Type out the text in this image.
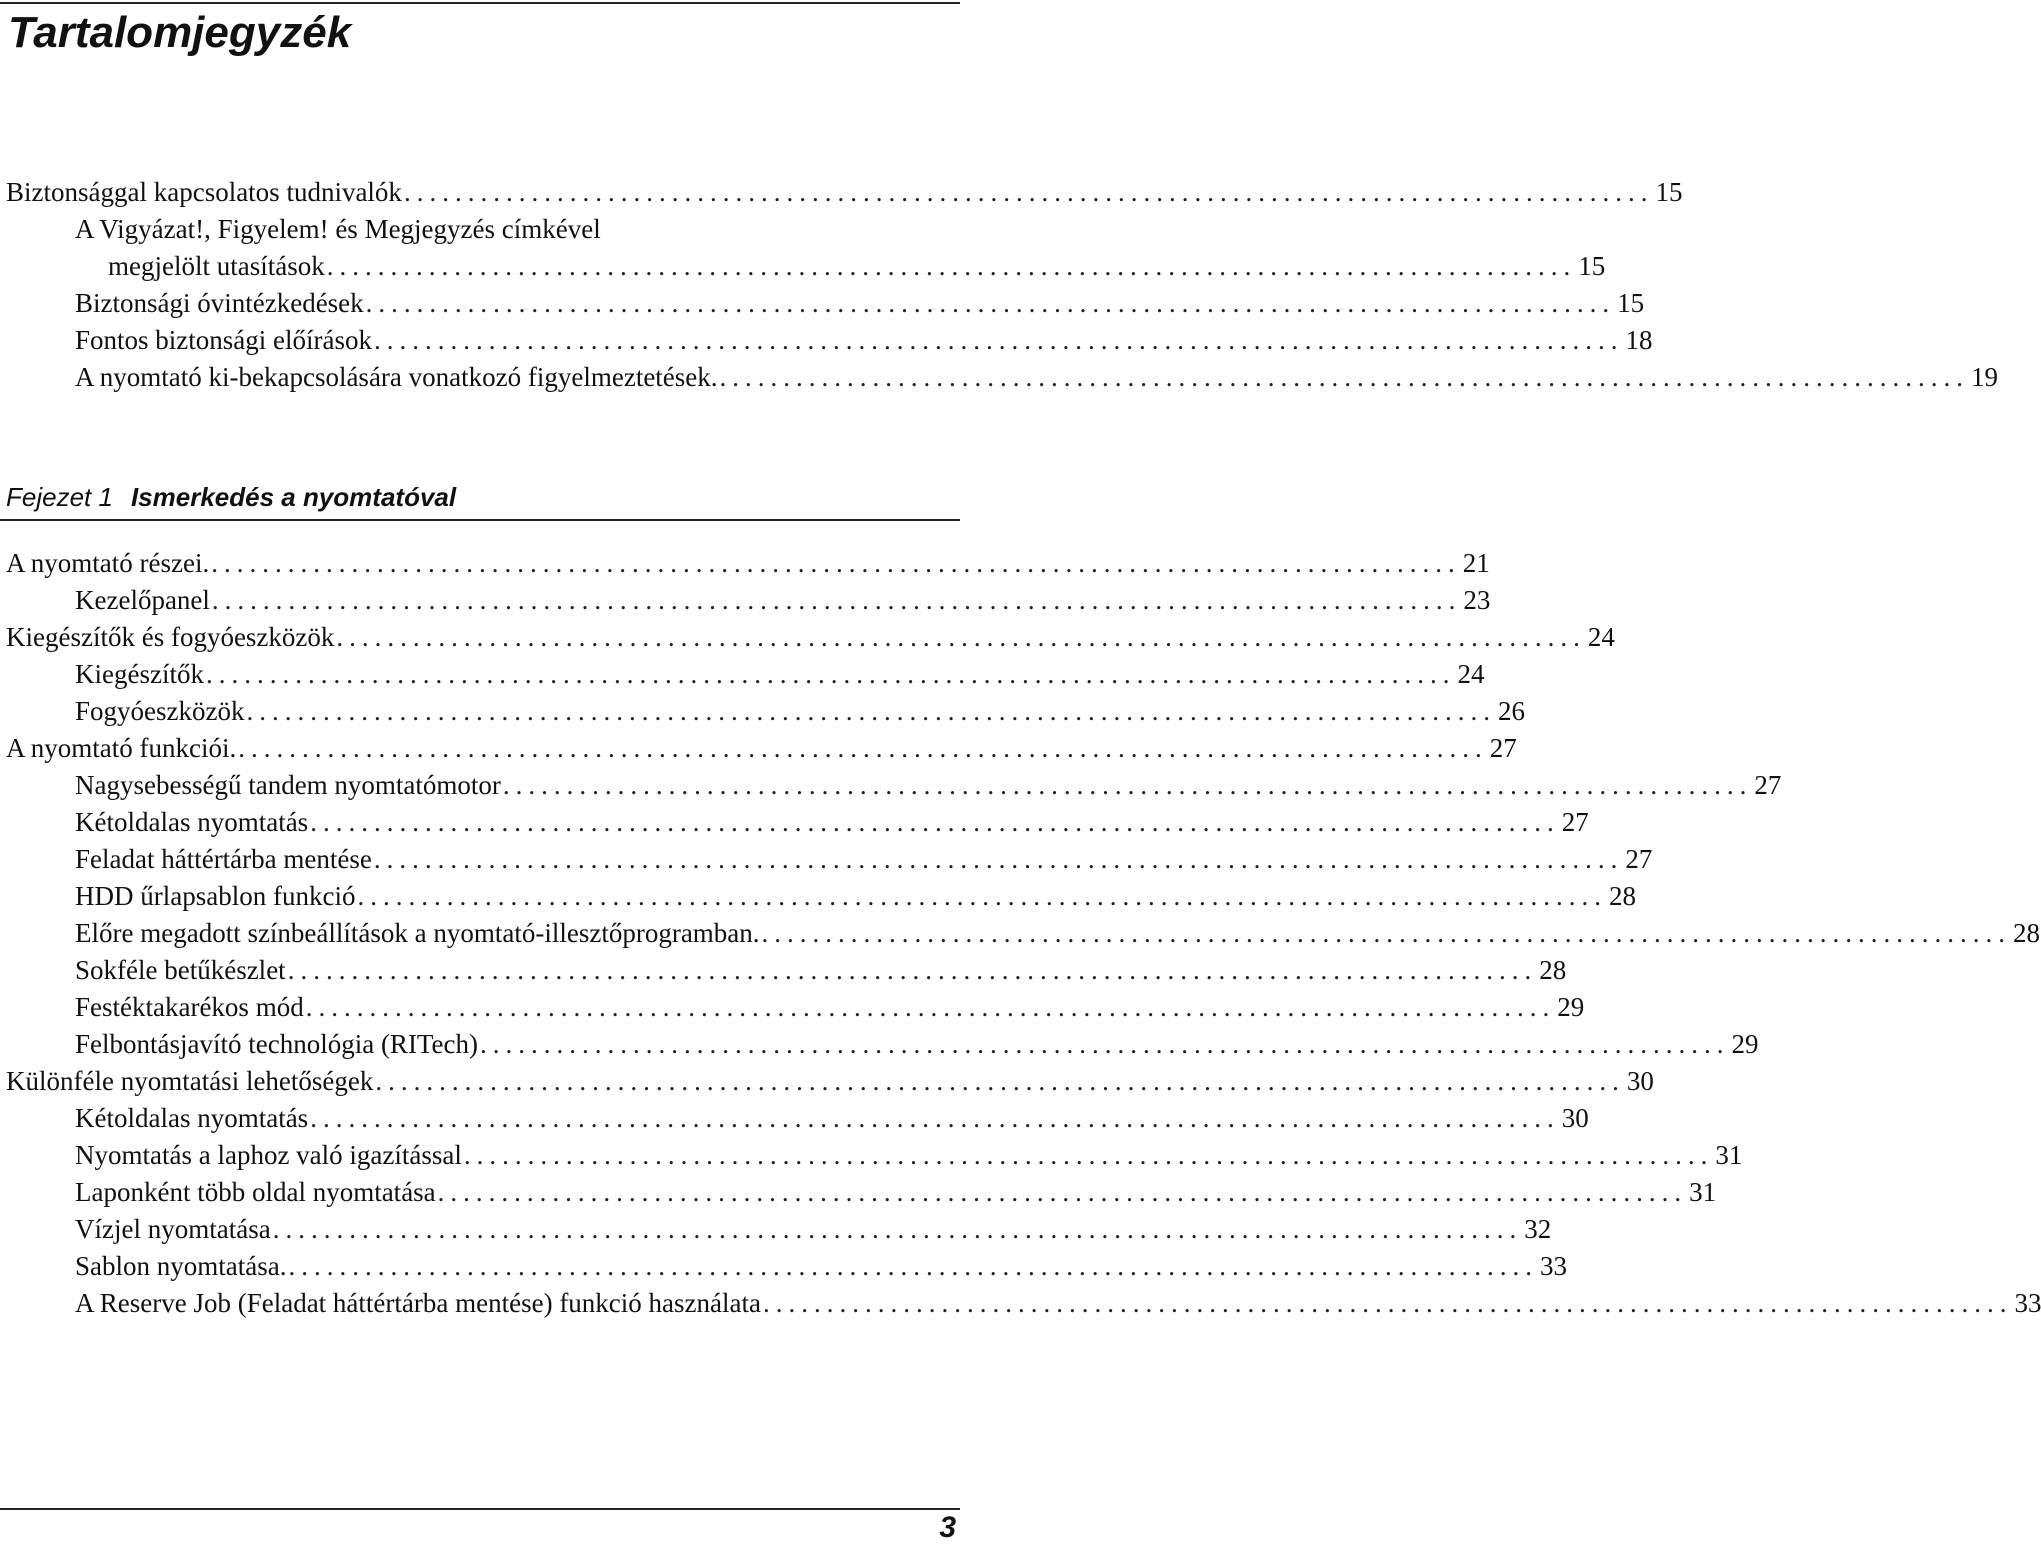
Tartalomjegyzék
Biztonsággal kapcsolatos tudnivalók .................................................................................................. 15
A Vigyázat!, Figyelem! és Megjegyzés címkével
megjelölt utasítások .................................................................................................. 15
Biztonsági óvintézkedések .................................................................................................. 15
Fontos biztonsági előírások .................................................................................................. 18
A nyomtató ki-bekapcsolására vonatkozó figyelmeztetések. .................................................................................................. 19
Fejezet 1 Ismerkedés a nyomtatóval
A nyomtató részei. .................................................................................................. 21
Kezelőpanel .................................................................................................. 23
Kiegészítők és fogyóeszközök .................................................................................................. 24
Kiegészítők .................................................................................................. 24
Fogyóeszközök .................................................................................................. 26
A nyomtató funkciói. .................................................................................................. 27
Nagysebességű tandem nyomtatómotor .................................................................................................. 27
Kétoldalas nyomtatás .................................................................................................. 27
Feladat háttértárba mentése .................................................................................................. 27
HDD űrlapsablon funkció .................................................................................................. 28
Előre megadott színbeállítások a nyomtató-illesztőprogramban. .................................................................................................. 28
Sokféle betűkészlet .................................................................................................. 28
Festéktakarékos mód .................................................................................................. 29
Felbontásjavító technológia (RITech) .................................................................................................. 29
Különféle nyomtatási lehetőségek .................................................................................................. 30
Kétoldalas nyomtatás .................................................................................................. 30
Nyomtatás a laphoz való igazítással .................................................................................................. 31
Laponként több oldal nyomtatása .................................................................................................. 31
Vízjel nyomtatása .................................................................................................. 32
Sablon nyomtatása. .................................................................................................. 33
A Reserve Job (Feladat háttértárba mentése) funkció használata .................................................................................................. 33
3
